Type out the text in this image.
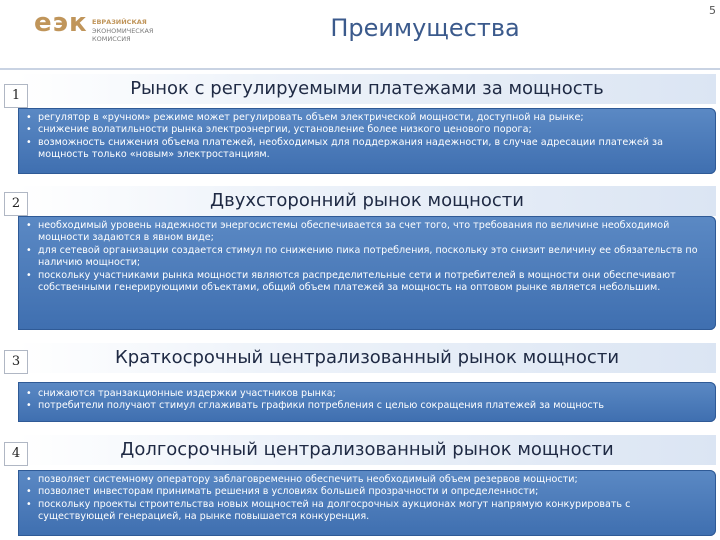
еэк ЕВРАЗИЙСКАЯ
ЭКОНОМИЧЕСКАЯ
КОМИССИЯ	Преимущества
5
Рынок с регулируемыми платежами за мощность
1
• регулятор в «ручном» режиме может регулировать объем электрической мощности, доступной на рынке;
• снижение волатильности рынка электроэнергии, установление более низкого ценового порога;
• возможность снижения объема платежей, необходимых для поддержания надежности, в случае адресации платежей за мощность только «новым» электростанциям.
Двухсторонний рынок мощности
2
• необходимый уровень надежности энергосистемы обеспечивается за счет того, что требования по величине необходимой мощности задаются в явном виде;
• для сетевой организации создается стимул по снижению пика потребления, поскольку это снизит величину ее обязательств по наличию мощности;
• поскольку участниками рынка мощности являются распределительные сети и потребителей в мощности они обеспечивают собственными генерирующими объектами, общий объем платежей за мощность на оптовом рынке является небольшим.
Краткосрочный централизованный рынок мощности
3
• снижаются транзакционные издержки участников рынка;
• потребители получают стимул сглаживать графики потребления с целью сокращения платежей за мощность
Долгосрочный централизованный рынок мощности
4
• позволяет системному оператору заблаговременно обеспечить необходимый объем резервов мощности;
• позволяет инвесторам принимать решения в условиях большей прозрачности и определенности;
• поскольку проекты строительства новых мощностей на долгосрочных аукционах могут напрямую конкурировать с существующей генерацией, на рынке повышается конкуренция.
